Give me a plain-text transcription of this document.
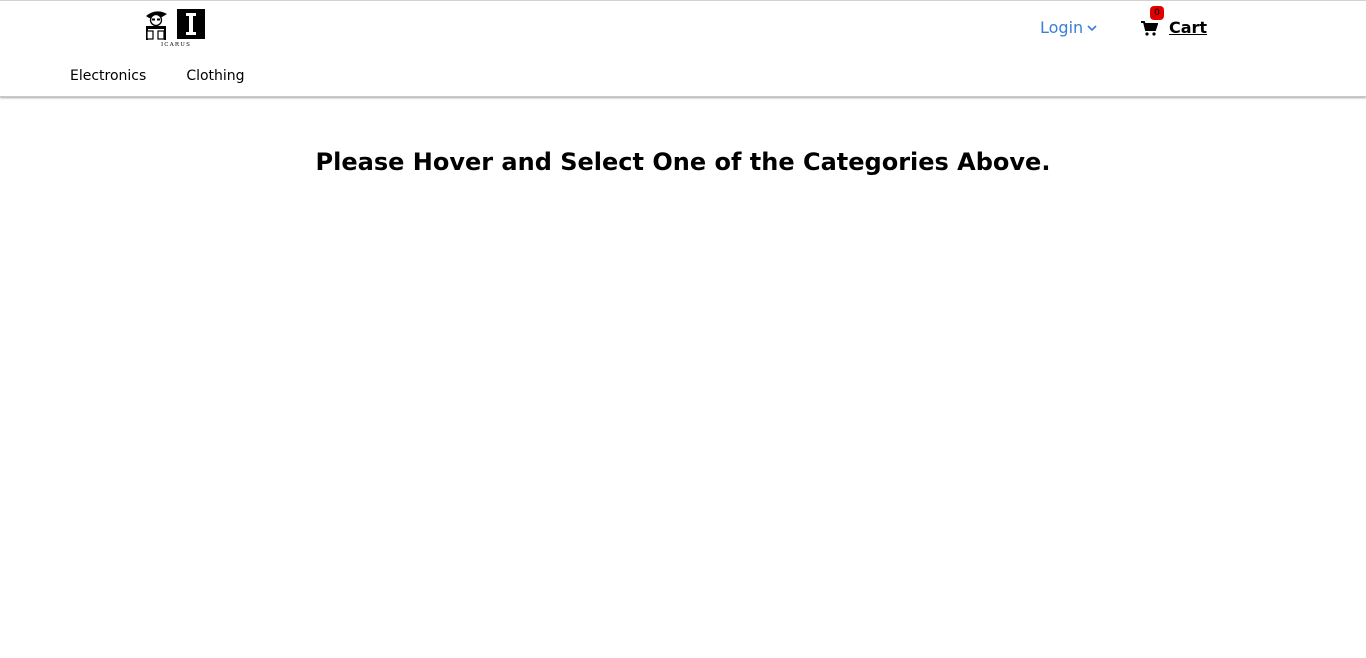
ICARUS
Login
0
Cart
Electronics	Clothing
Please Hover and Select One of the Categories Above.
